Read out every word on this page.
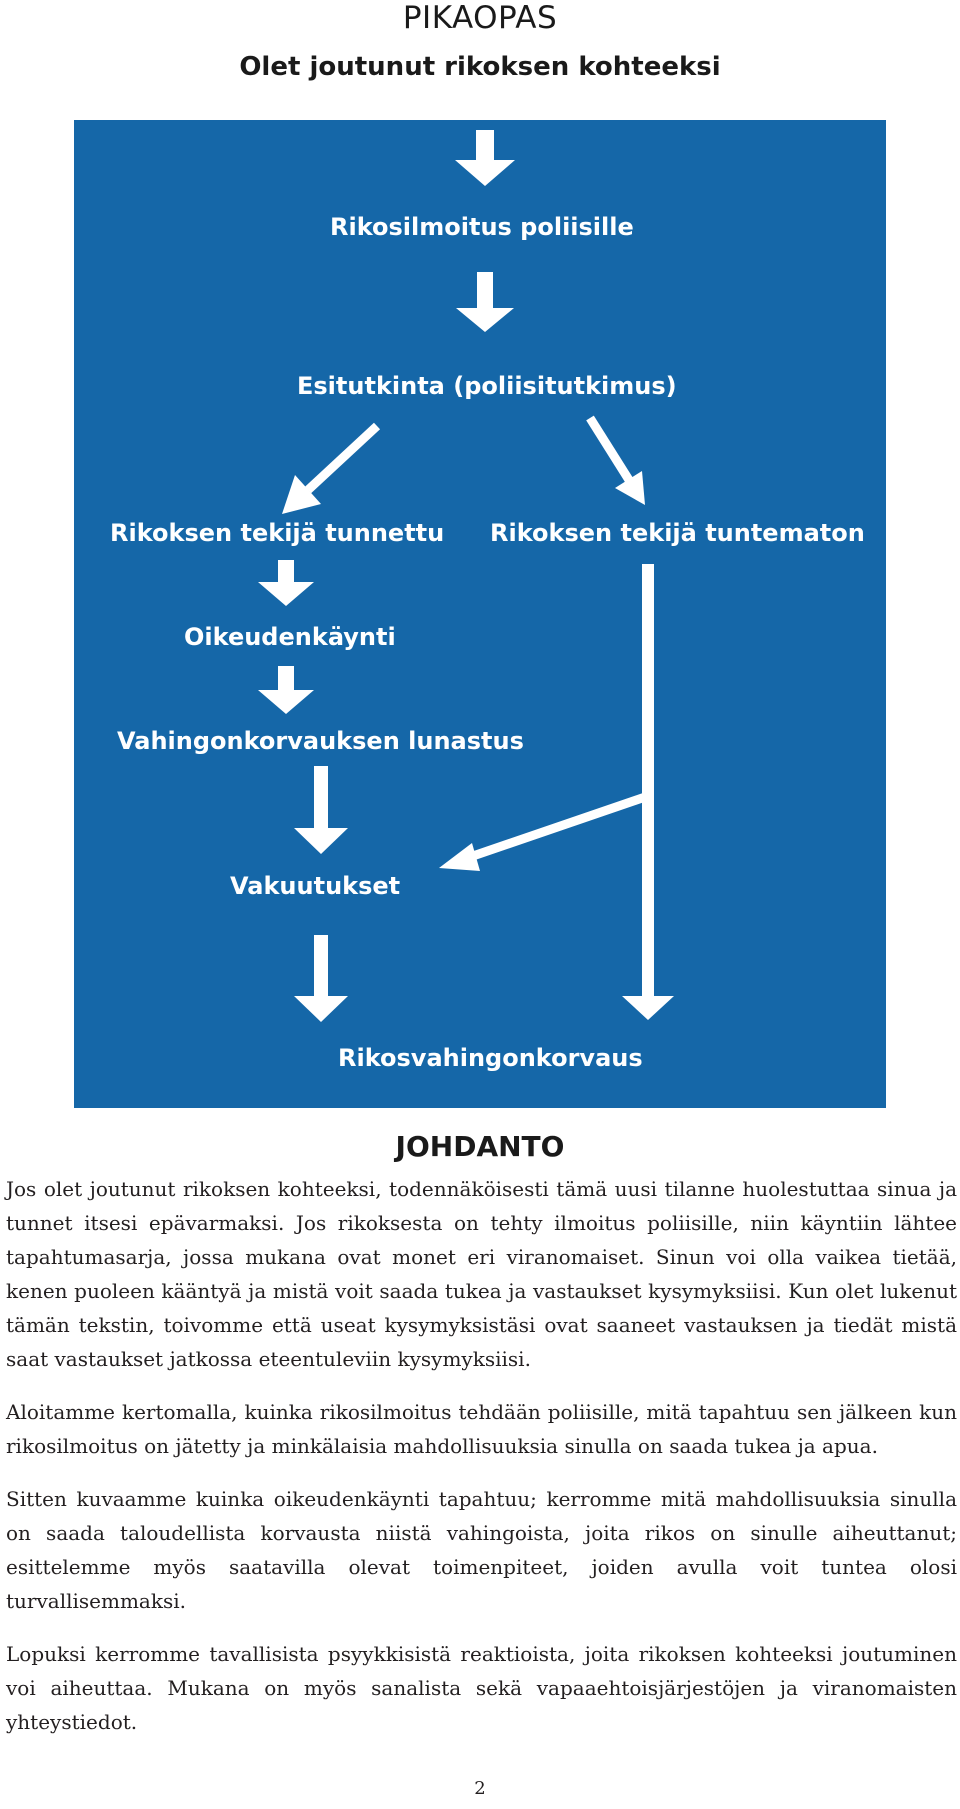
PIKAOPAS
Olet joutunut rikoksen kohteeksi
Rikosilmoitus poliisille
Esitutkinta (poliisitutkimus)
Rikoksen tekijä tunnettu Rikoksen tekijä tuntematon
Oikeudenkäynti
Vahingonkorvauksen lunastus
Vakuutukset
Rikosvahingonkorvaus
JOHDANTO

Jos olet joutunut rikoksen kohteeksi, todennäköisesti tämä uusi tilanne huolestuttaa sinua ja tunnet itsesi epävarmaksi. Jos rikoksesta on tehty ilmoitus poliisille, niin käyntiin lähtee tapahtumasarja, jossa mukana ovat monet eri viranomaiset. Sinun voi olla vaikea tietää, kenen puoleen kääntyä ja mistä voit saada tukea ja vastaukset kysymyksiisi. Kun olet lukenut tämän tekstin, toivomme että useat kysymyksistäsi ovat saaneet vastauksen ja tiedät mistä saat vastaukset jatkossa eteentuleviin kysymyksiisi.

Aloitamme kertomalla, kuinka rikosilmoitus tehdään poliisille, mitä tapahtuu sen jälkeen kun rikosilmoitus on jätetty ja minkälaisia mahdollisuuksia sinulla on saada tukea ja apua.

Sitten kuvaamme kuinka oikeudenkäynti tapahtuu; kerromme mitä mahdollisuuksia sinulla on saada taloudellista korvausta niistä vahingoista, joita rikos on sinulle aiheuttanut; esittelemme myös saatavilla olevat toimenpiteet, joiden avulla voit tuntea olosi turvallisemmaksi.

Lopuksi kerromme tavallisista psyykkisistä reaktioista, joita rikoksen kohteeksi joutuminen voi aiheuttaa. Mukana on myös sanalista sekä vapaaehtoisjärjestöjen ja viranomaisten yhteystiedot.

2
